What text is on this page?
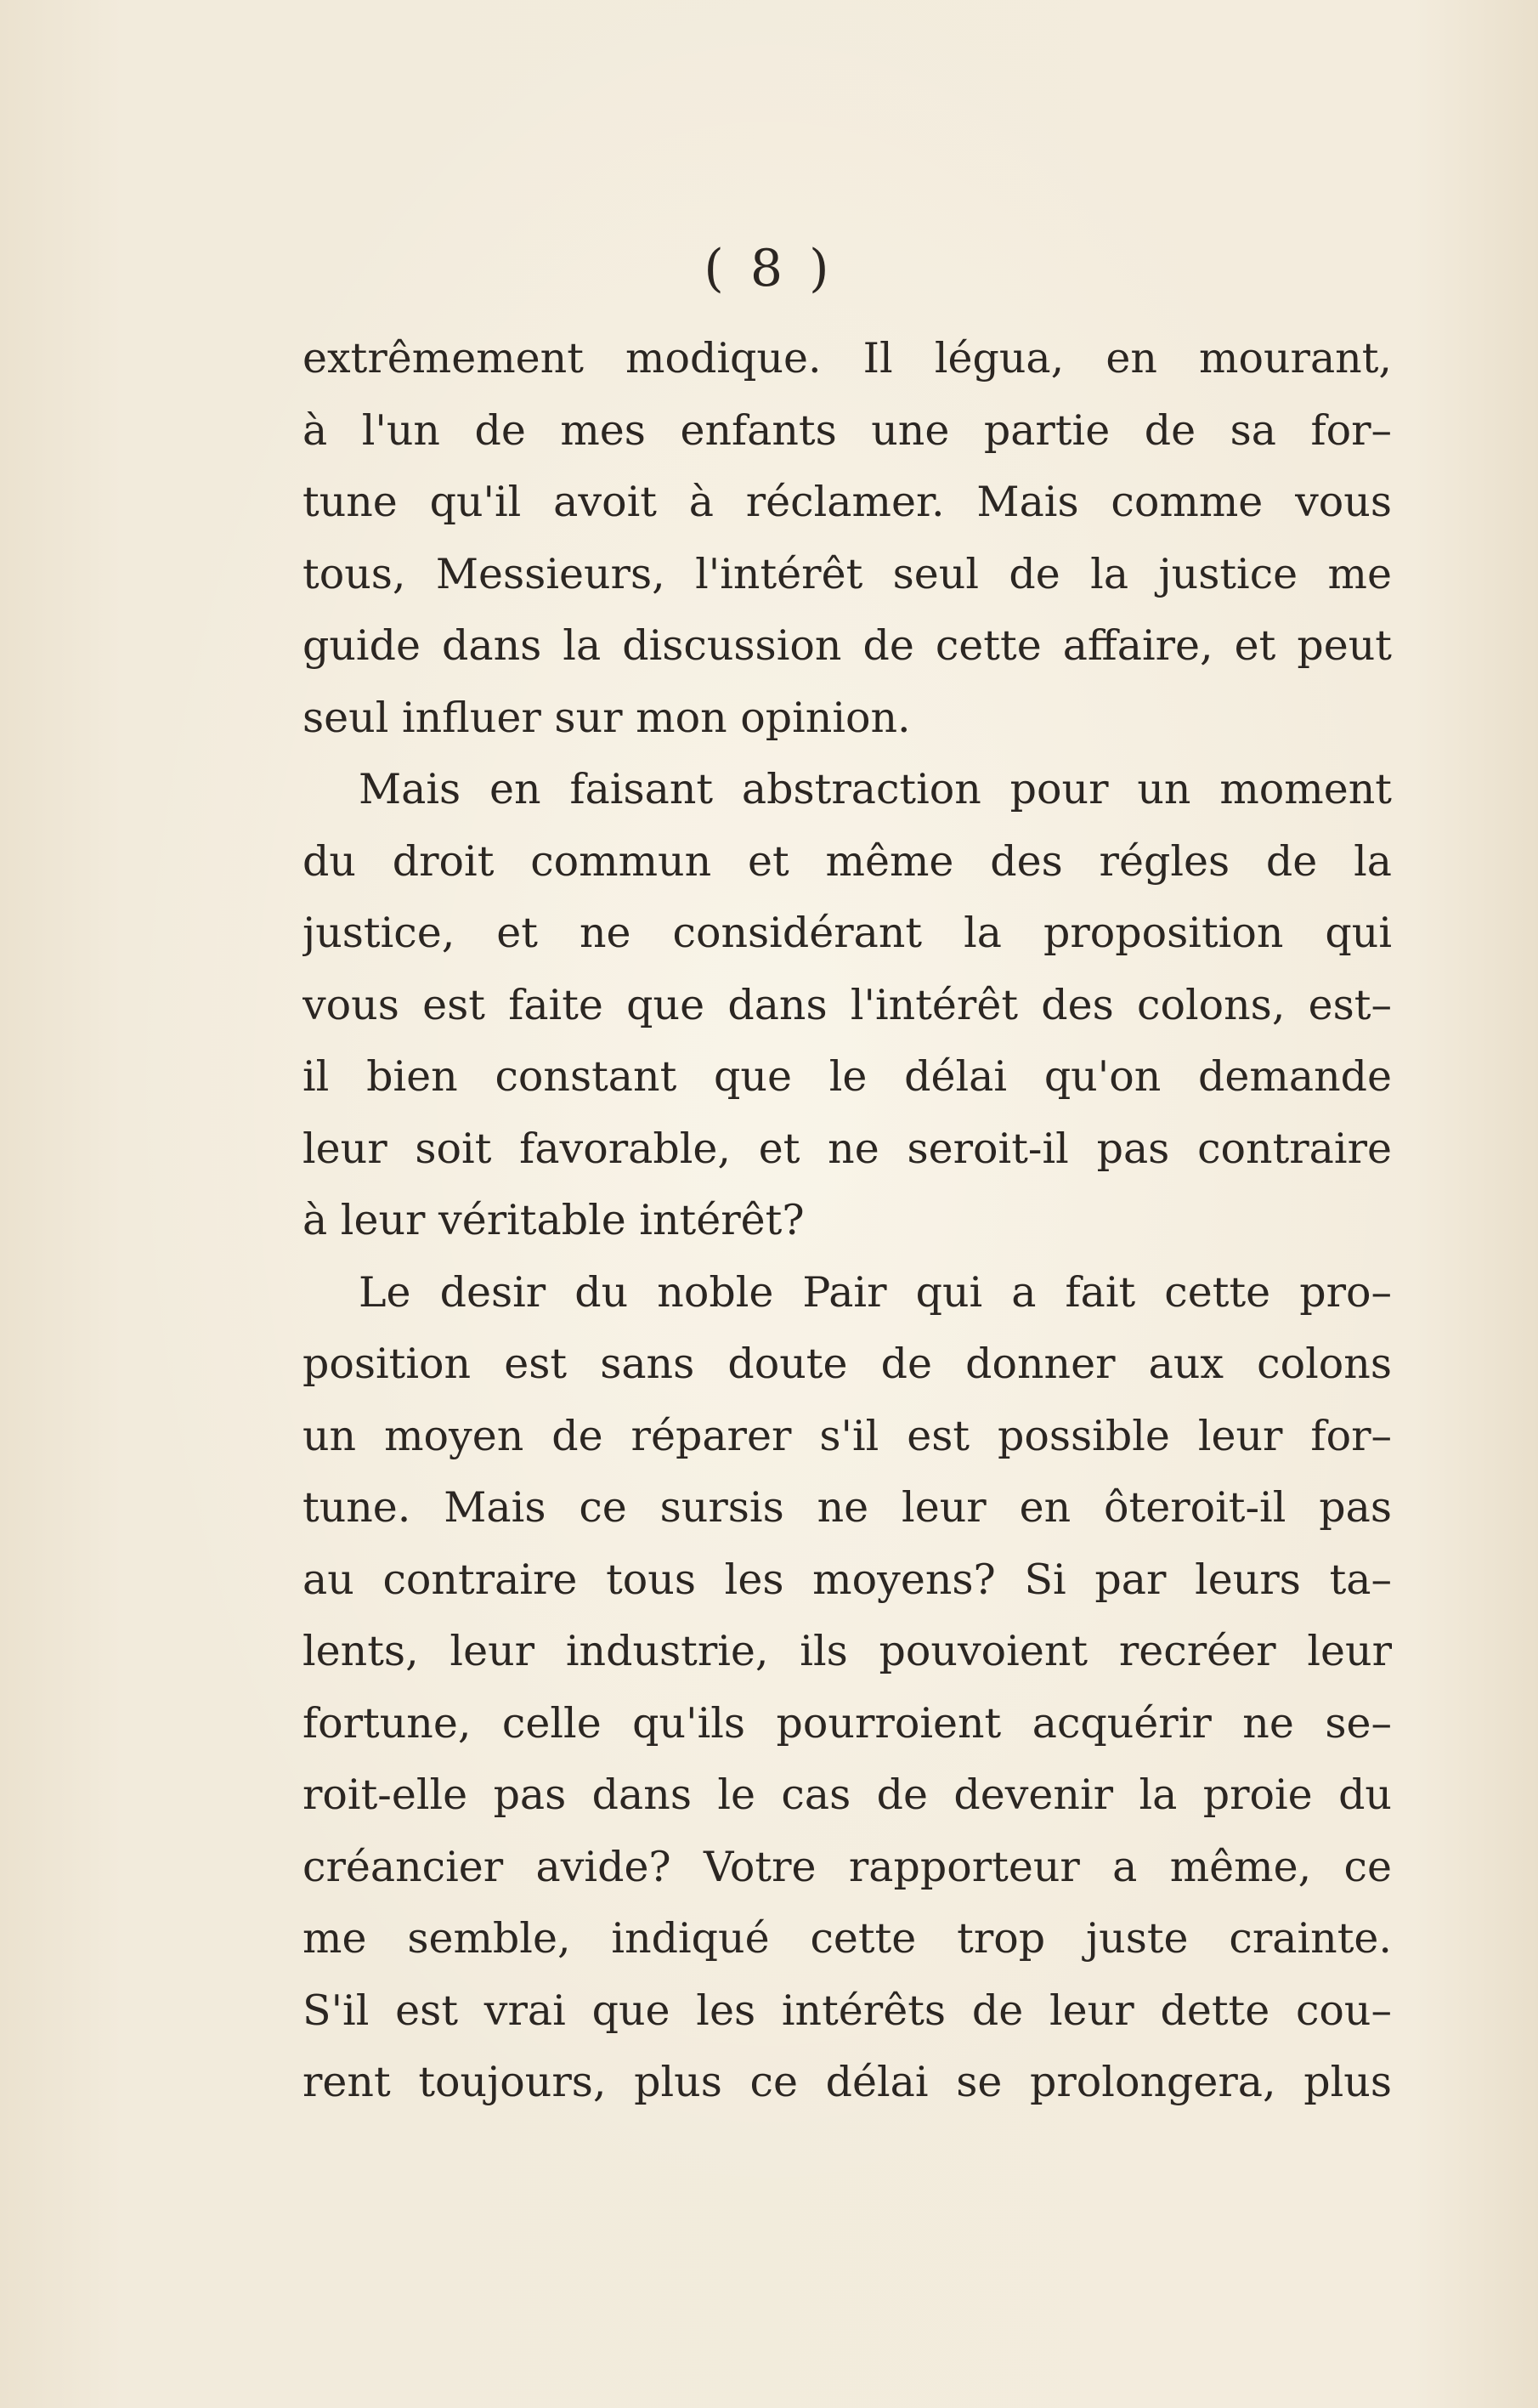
( 8 )
extrêmement modique. Il légua, en mourant,
à l'un de mes enfants une partie de sa for–
tune qu'il avoit à réclamer. Mais comme vous
tous, Messieurs, l'intérêt seul de la justice me
guide dans la discussion de cette affaire, et peut
seul influer sur mon opinion.
Mais en faisant abstraction pour un moment
du droit commun et même des régles de la
justice, et ne considérant la proposition qui
vous est faite que dans l'intérêt des colons, est–
il bien constant que le délai qu'on demande
leur soit favorable, et ne seroit-il pas contraire
à leur véritable intérêt?
Le desir du noble Pair qui a fait cette pro–
position est sans doute de donner aux colons
un moyen de réparer s'il est possible leur for–
tune. Mais ce sursis ne leur en ôteroit-il pas
au contraire tous les moyens? Si par leurs ta–
lents, leur industrie, ils pouvoient recréer leur
fortune, celle qu'ils pourroient acquérir ne se–
roit-elle pas dans le cas de devenir la proie du
créancier avide? Votre rapporteur a même, ce
me semble, indiqué cette trop juste crainte.
S'il est vrai que les intérêts de leur dette cou–
rent toujours, plus ce délai se prolongera, plus
